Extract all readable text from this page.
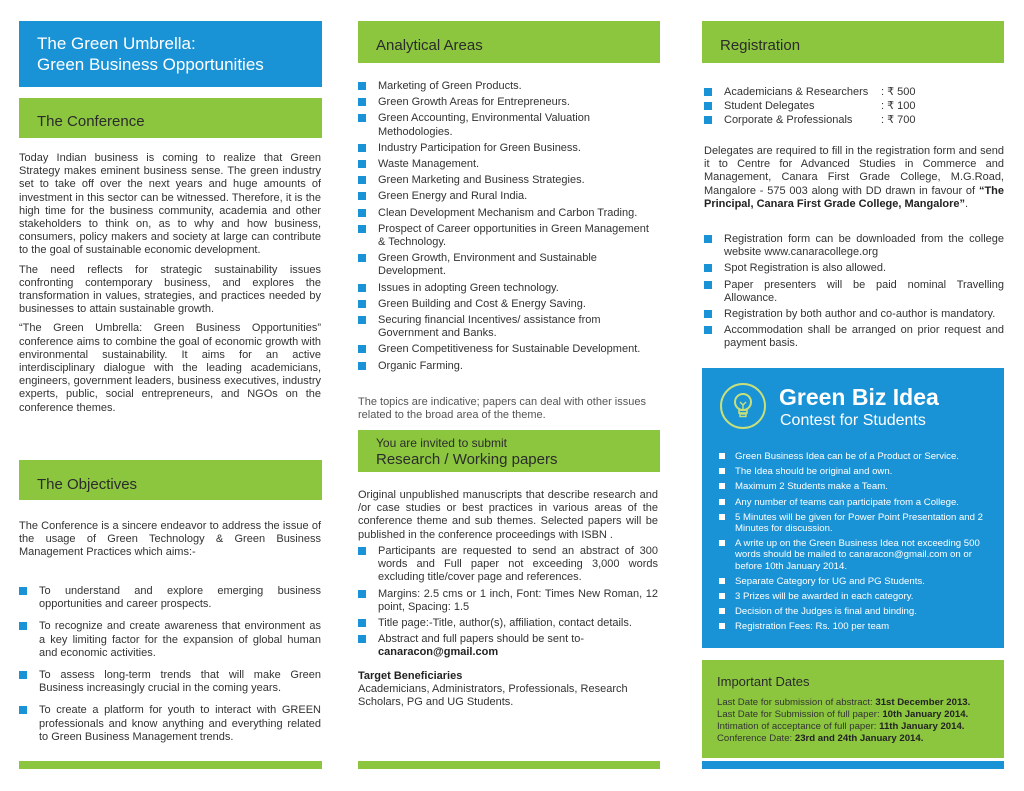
The Green Umbrella:
Green Business Opportunities
The Conference

Today Indian business is coming to realize that Green Strategy makes eminent business sense. The green industry set to take off over the next years and huge amounts of investment in this sector can be witnessed. Therefore, it is the high time for the business community, academia and other stakeholders to think on, as to why and how business, consumers, policy makers and society at large can contribute to the goal of sustainable economic development.

The need reflects for strategic sustainability issues confronting contemporary business, and explores the transformation in values, strategies, and practices needed by businesses to attain sustainable growth.

“The Green Umbrella: Green Business Opportunities” conference aims to combine the goal of economic growth with environmental sustainability. It aims for an active interdisciplinary dialogue with the leading academicians, engineers, government leaders, business executives, industry experts, public, social entrepreneurs, and NGOs on the conference themes.

The Objectives
The Conference is a sincere endeavor to address the issue of the usage of Green Technology & Green Business Management Practices which aims:-
To understand and explore emerging business opportunities and career prospects.
To recognize and create awareness that environment as a key limiting factor for the expansion of global human and economic activities.
To assess long-term trends that will make Green Business increasingly crucial in the coming years.
To create a platform for youth to interact with GREEN professionals and know anything and everything related to Green Business Management trends.
Analytical Areas
Marketing of Green Products.
Green Growth Areas for Entrepreneurs.
Green Accounting, Environmental Valuation Methodologies.
Industry Participation for Green Business.
Waste Management.
Green Marketing and Business Strategies.
Green Energy and Rural India.
Clean Development Mechanism and Carbon Trading.
Prospect of Career opportunities in Green Management & Technology.
Green Growth, Environment and Sustainable Development.
Issues in adopting Green technology.
Green Building and Cost & Energy Saving.
Securing financial Incentives/ assistance from Government and Banks.
Green Competitiveness for Sustainable Development.
Organic Farming.
The topics are indicative; papers can deal with other issues related to the broad area of the theme.
You are invited to submit
Research / Working papers
Original unpublished manuscripts that describe research and /or case studies or best practices in various areas of the conference theme and sub themes. Selected papers will be published in the conference proceedings with ISBN .
Participants are requested to send an abstract of 300 words and Full paper not exceeding 3,000 words excluding title/cover page and references.
Margins: 2.5 cms or 1 inch, Font: Times New Roman, 12 point, Spacing: 1.5
Title page:-Title, author(s), affiliation, contact details.
Abstract and full papers should be sent to-
canaracon@gmail.com
Target Beneficiaries
Academicians, Administrators, Professionals, Research Scholars, PG and UG Students.
Registration
Academicians & Researchers : ₹ 500
Student Delegates	: ₹ 100
Corporate & Professionals	: ₹ 700
Delegates are required to fill in the registration form and send it to Centre for Advanced Studies in Commerce and Management, Canara First Grade College, M.G.Road, Mangalore - 575 003 along with DD drawn in favour of “The Principal, Canara First Grade College, Mangalore”.
Registration form can be downloaded from the college website www.canaracollege.org
Spot Registration is also allowed.
Paper presenters will be paid nominal Travelling Allowance.
Registration by both author and co-author is mandatory.
Accommodation shall be arranged on prior request and payment basis.
Green Biz Idea
Contest for Students
Green Business Idea can be of a Product or Service.
The Idea should be original and own.
Maximum 2 Students make a Team.
Any number of teams can participate from a College.
5 Minutes will be given for Power Point Presentation and 2 Minutes for discussion.
A write up on the Green Business Idea not exceeding 500 words should be mailed to canaracon@gmail.com on or before 10th January 2014.
Separate Category for UG and PG Students.
3 Prizes will be awarded in each category.
Decision of the Judges is final and binding.
Registration Fees: Rs. 100 per team
Important Dates
Last Date for submission of abstract: 31st December 2013.
Last Date for Submission of full paper: 10th January 2014.
Intimation of acceptance of full paper: 11th January 2014.
Conference Date: 23rd and 24th January 2014.
